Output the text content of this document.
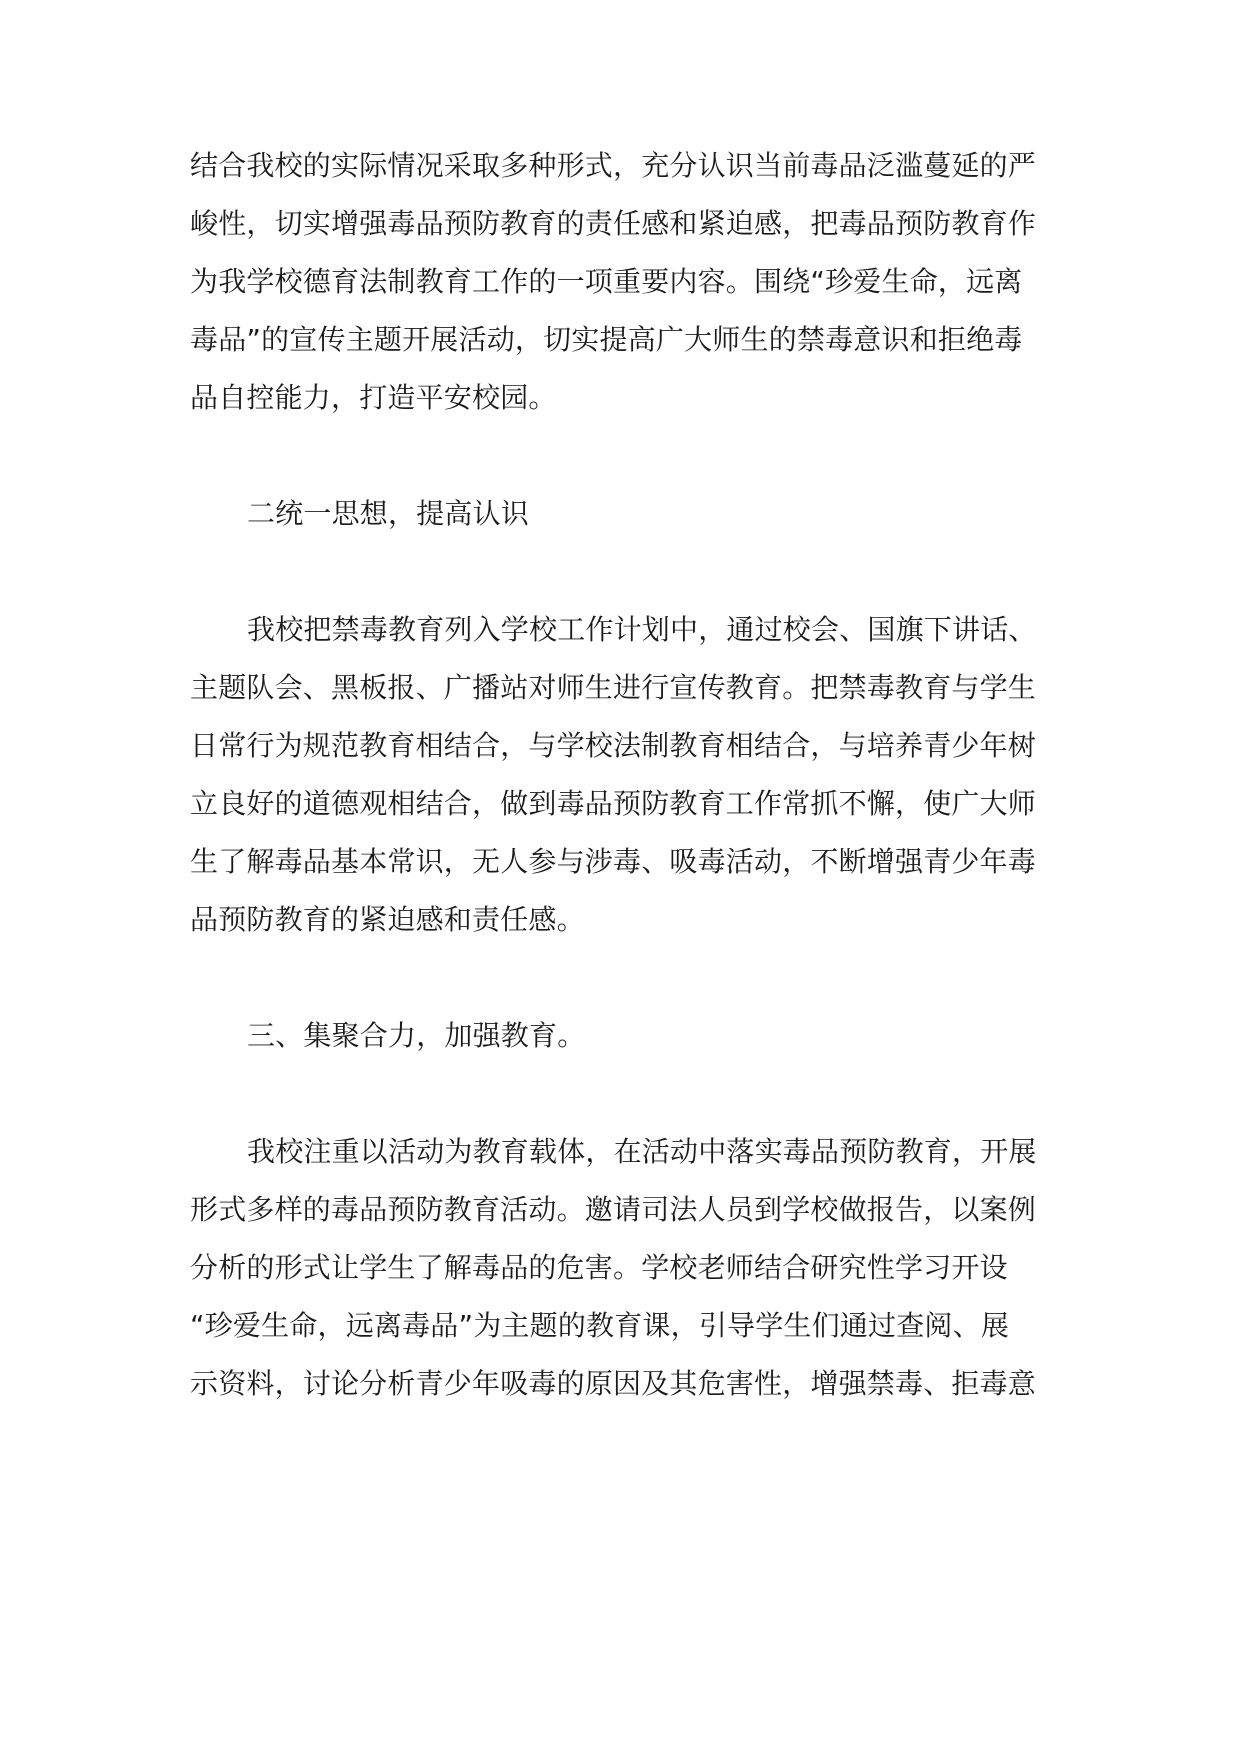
结合我校的实际情况采取多种形式，充分认识当前毒品泛滥蔓延的严
峻性，切实增强毒品预防教育的责任感和紧迫感，把毒品预防教育作
为我学校德育法制教育工作的一项重要内容。围绕“珍爱生命，远离
毒品”的宣传主题开展活动，切实提高广大师生的禁毒意识和拒绝毒
品自控能力，打造平安校园。
二统一思想，提高认识
我校把禁毒教育列入学校工作计划中，通过校会、国旗下讲话、
主题队会、黑板报、广播站对师生进行宣传教育。把禁毒教育与学生
日常行为规范教育相结合，与学校法制教育相结合，与培养青少年树
立良好的道德观相结合，做到毒品预防教育工作常抓不懈，使广大师
生了解毒品基本常识，无人参与涉毒、吸毒活动，不断增强青少年毒
品预防教育的紧迫感和责任感。
三、集聚合力，加强教育。
我校注重以活动为教育载体，在活动中落实毒品预防教育，开展
形式多样的毒品预防教育活动。邀请司法人员到学校做报告，以案例
分析的形式让学生了解毒品的危害。学校老师结合研究性学习开设
“珍爱生命，远离毒品”为主题的教育课，引导学生们通过查阅、展
示资料，讨论分析青少年吸毒的原因及其危害性，增强禁毒、拒毒意
